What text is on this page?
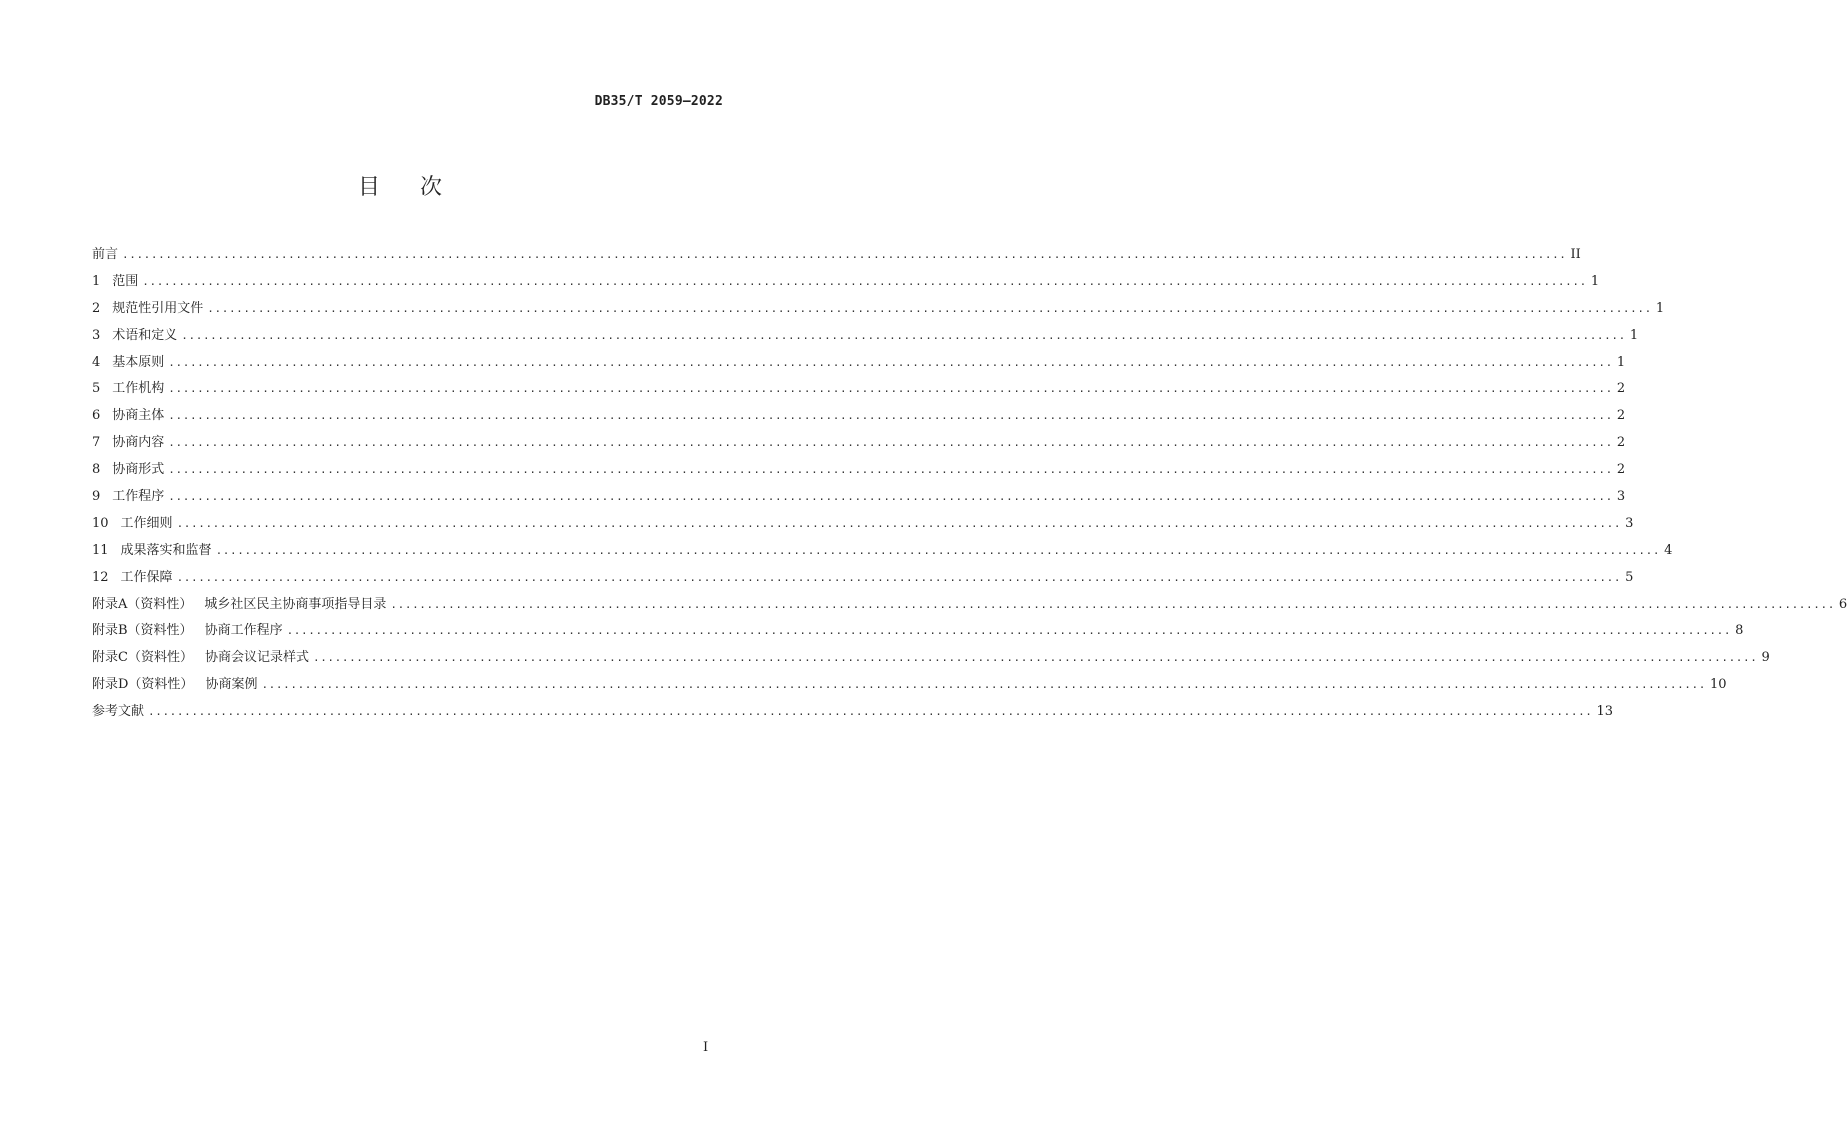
DB35/T 2059—2022
目 次
前言 ........................................................................................................................................................................................................ II
1 范围 ........................................................................................................................................................................................................ 1
2 规范性引用文件 ........................................................................................................................................................................................................ 1
3 术语和定义 ........................................................................................................................................................................................................ 1
4 基本原则 ........................................................................................................................................................................................................ 1
5 工作机构 ........................................................................................................................................................................................................ 2
6 协商主体 ........................................................................................................................................................................................................ 2
7 协商内容 ........................................................................................................................................................................................................ 2
8 协商形式 ........................................................................................................................................................................................................ 2
9 工作程序 ........................................................................................................................................................................................................ 3
10 工作细则 ........................................................................................................................................................................................................ 3
11 成果落实和监督 ........................................................................................................................................................................................................ 4
12 工作保障 ........................................................................................................................................................................................................ 5
附录A（资料性） 城乡社区民主协商事项指导目录 ........................................................................................................................................................................................................ 6
附录B（资料性） 协商工作程序 ........................................................................................................................................................................................................ 8
附录C（资料性） 协商会议记录样式 ........................................................................................................................................................................................................ 9
附录D（资料性） 协商案例 ........................................................................................................................................................................................................ 10
参考文献 ........................................................................................................................................................................................................ 13
I
